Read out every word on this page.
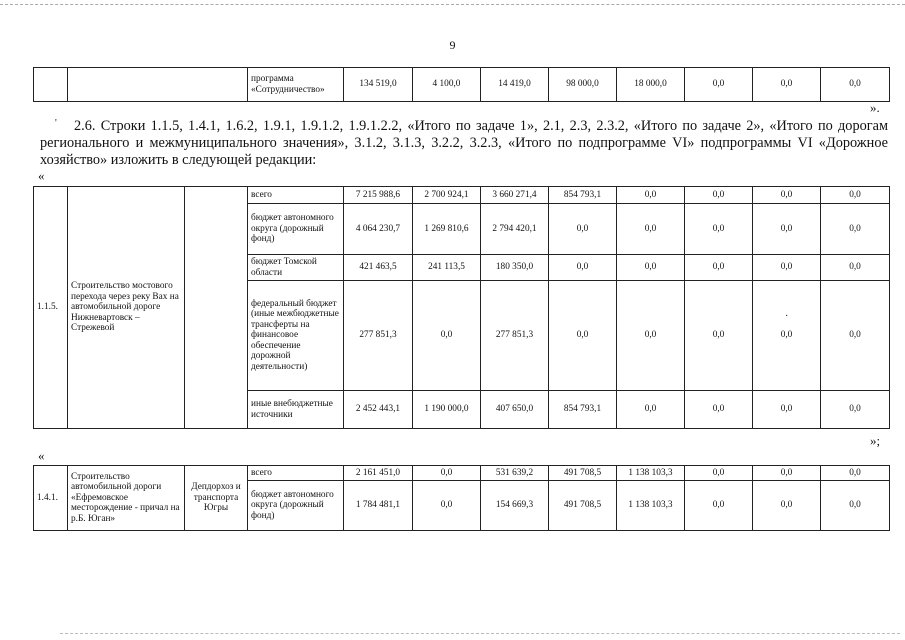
9
		программа «Сотрудничество»	134 519,0	4 100,0	14 419,0	98 000,0	18 000,0	0,0	0,0	0,0
».
'	2.6. Строки 1.1.5, 1.4.1, 1.6.2, 1.9.1, 1.9.1.2, 1.9.1.2.2, «Итого по задаче 1», 2.1, 2.3, 2.3.2, «Итого по задаче 2», «Итого по дорогам регионального и межмуниципального значения», 3.1.2, 3.1.3, 3.2.2, 3.2.3, «Итого по подпрограмме VI» подпрограммы VI «Дорожное хозяйство» изложить в следующей редакции:
«
1.1.5.	Строительство мостового перехода через реку Вах на автомобильной дороге Нижневартовск – Стрежевой		всего	7 215 988,6	2 700 924,1	3 660 271,4	854 793,1	0,0	0,0	0,0	0,0
			бюджет автономного округа (дорожный фонд)	4 064 230,7	1 269 810,6	2 794 420,1	0,0	0,0	0,0	0,0	0,0
			бюджет Томской области	421 463,5	241 113,5	180 350,0	0,0	0,0	0,0	0,0	0,0
			федеральный бюджет (иные межбюджетные трансферты на финансовое обеспечение дорожной деятельности)	277 851,3	0,0	277 851,3	0,0	0,0	0,0	0,0	0,0
			иные внебюджетные источники	2 452 443,1	1 190 000,0	407 650,0	854 793,1	0,0	0,0	0,0	0,0
·
»;
«
1.4.1.	Строительство автомобильной дороги «Ефремовское месторождение - причал на р.Б. Юган»	Депдорхоз и транспорта Югры	всего	2 161 451,0	0,0	531 639,2	491 708,5	1 138 103,3	0,0	0,0	0,0
			бюджет автономного округа (дорожный фонд)	1 784 481,1	0,0	154 669,3	491 708,5	1 138 103,3	0,0	0,0	0,0
